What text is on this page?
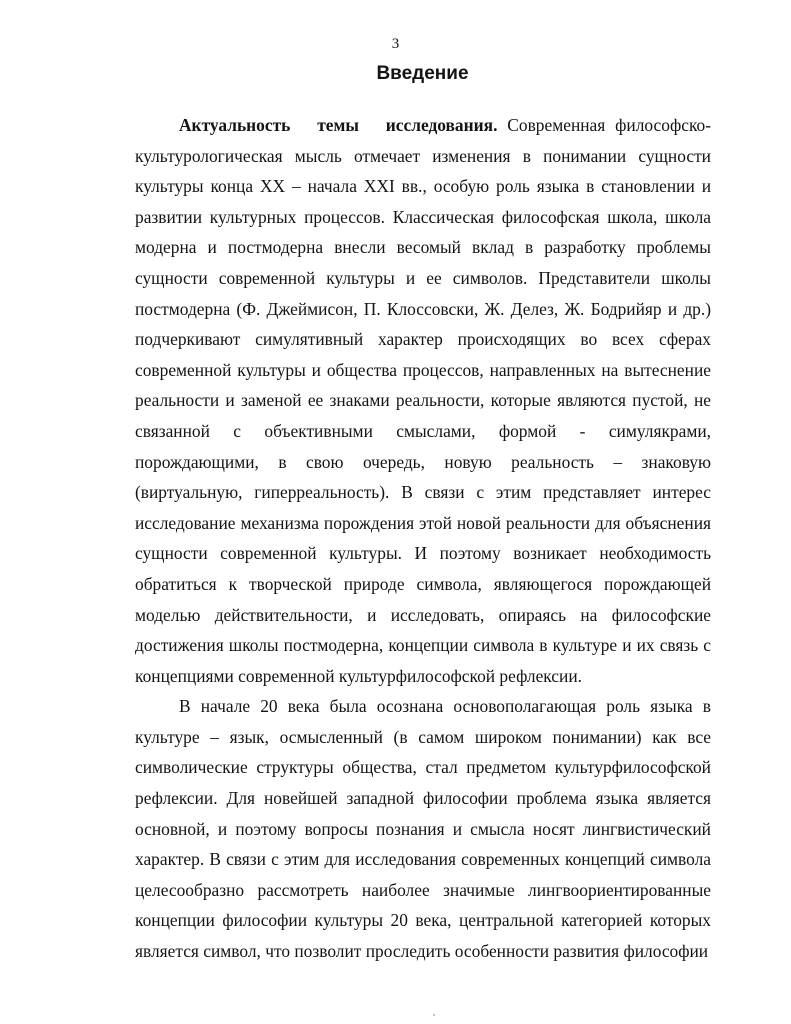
3
Введение

Актуальность темы исследования. Современная философско-культурологическая мысль отмечает изменения в понимании сущности культуры конца XX – начала XXI вв., особую роль языка в становлении и развитии культурных процессов. Классическая философская школа, школа модерна и постмодерна внесли весомый вклад в разработку проблемы сущности современной культуры и ее символов. Представители школы постмодерна (Ф. Джеймисон, П. Клоссовски, Ж. Делез, Ж. Бодрийяр и др.) подчеркивают симулятивный характер происходящих во всех сферах современной культуры и общества процессов, направленных на вытеснение реальности и заменой ее знаками реальности, которые являются пустой, не связанной с объективными смыслами, формой - симулякрами, порождающими, в свою очередь, новую реальность – знаковую (виртуальную, гиперреальность). В связи с этим представляет интерес исследование механизма порождения этой новой реальности для объяснения сущности современной культуры. И поэтому возникает необходимость обратиться к творческой природе символа, являющегося порождающей моделью действительности, и исследовать, опираясь на философские достижения школы постмодерна, концепции символа в культуре и их связь с концепциями современной культурфилософской рефлексии.

В начале 20 века была осознана основополагающая роль языка в культуре – язык, осмысленный (в самом широком понимании) как все символические структуры общества, стал предметом культурфилософской рефлексии. Для новейшей западной философии проблема языка является основной, и поэтому вопросы познания и смысла носят лингвистический характер. В связи с этим для исследования современных концепций символа целесообразно рассмотреть наиболее значимые лингвоориентированные концепции философии культуры 20 века, центральной категорией которых является символ, что позволит проследить особенности развития философии
